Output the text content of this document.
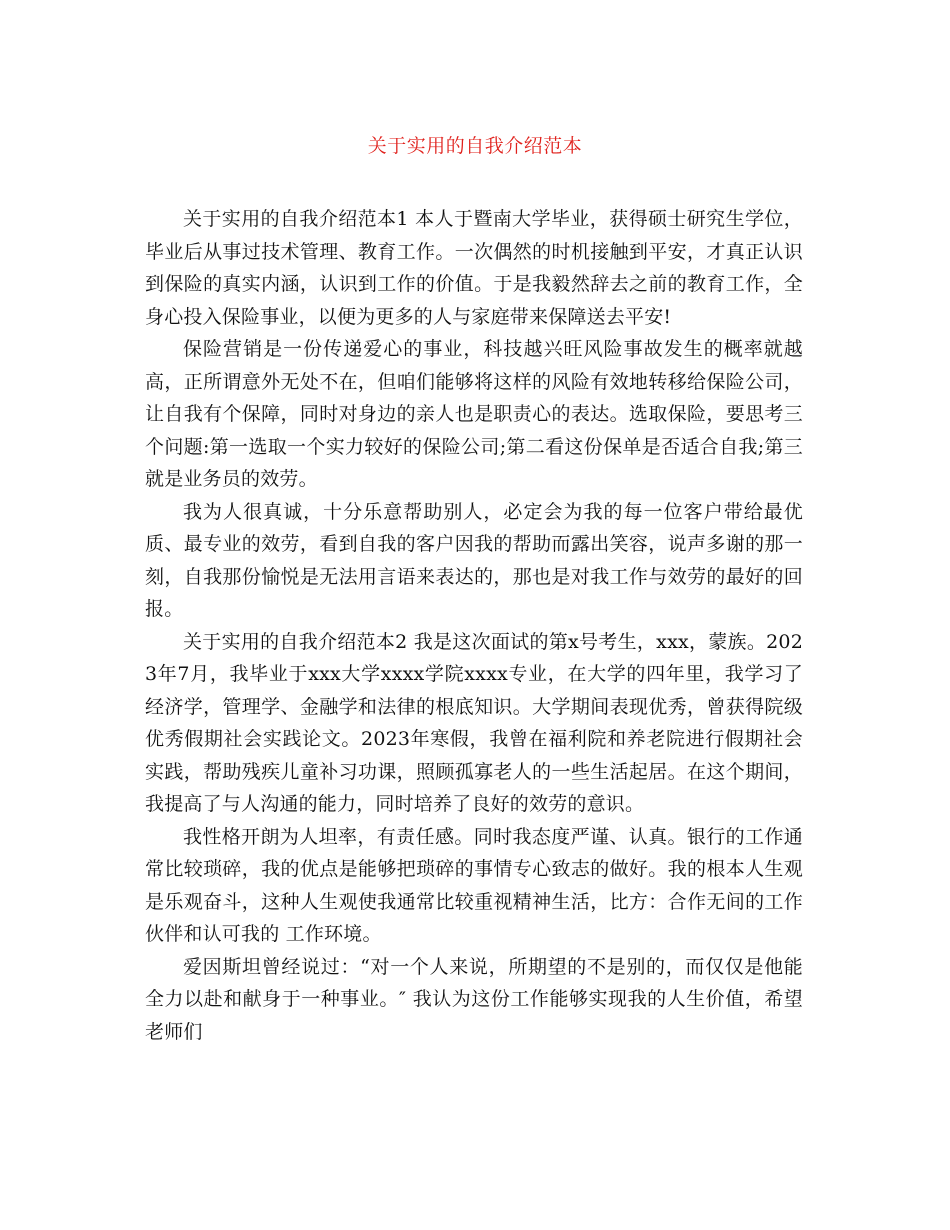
关于实用的自我介绍范本

关于实用的自我介绍范本1 本人于暨南大学毕业，获得硕士研究生学位，毕业后从事过技术管理、教育工作。一次偶然的时机接触到平安，才真正认识到保险的真实内涵，认识到工作的价值。于是我毅然辞去之前的教育工作，全身心投入保险事业，以便为更多的人与家庭带来保障送去平安!

保险营销是一份传递爱心的事业，科技越兴旺风险事故发生的概率就越高，正所谓意外无处不在，但咱们能够将这样的风险有效地转移给保险公司，让自我有个保障，同时对身边的亲人也是职责心的表达。选取保险，要思考三个问题:第一选取一个实力较好的保险公司;第二看这份保单是否适合自我;第三就是业务员的效劳。

我为人很真诚，十分乐意帮助别人，必定会为我的每一位客户带给最优质、最专业的效劳，看到自我的客户因我的帮助而露出笑容，说声多谢的那一刻，自我那份愉悦是无法用言语来表达的，那也是对我工作与效劳的最好的回报。

关于实用的自我介绍范本2 我是这次面试的第x号考生，xxx，蒙族。2023年7月，我毕业于xxx大学xxxx学院xxxx专业，在大学的四年里，我学习了经济学，管理学、金融学和法律的根底知识。大学期间表现优秀，曾获得院级优秀假期社会实践论文。2023年寒假，我曾在福利院和养老院进行假期社会实践，帮助残疾儿童补习功课，照顾孤寡老人的一些生活起居。在这个期间，我提高了与人沟通的能力，同时培养了良好的效劳的意识。

我性格开朗为人坦率，有责任感。同时我态度严谨、认真。银行的工作通常比较琐碎，我的优点是能够把琐碎的事情专心致志的做好。我的根本人生观是乐观奋斗，这种人生观使我通常比较重视精神生活，比方：合作无间的工作伙伴和认可我的 工作环境。

爱因斯坦曾经说过：“对一个人来说，所期望的不是别的，而仅仅是他能全力以赴和献身于一种事业。″ 我认为这份工作能够实现我的人生价值，希望老师们
